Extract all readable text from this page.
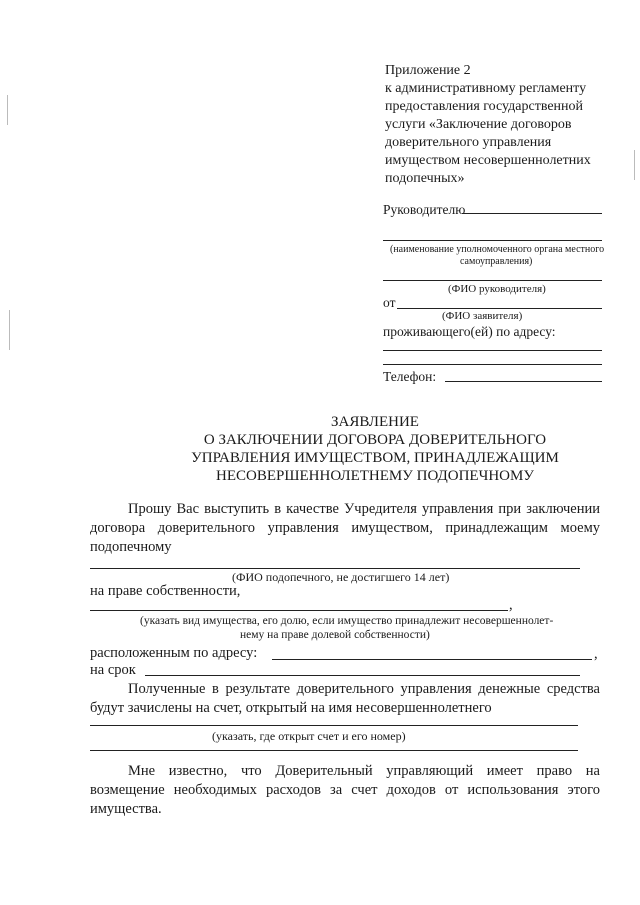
Приложение 2
к административному регламенту
предоставления государственной
услуги «Заключение договоров
доверительного управления
имуществом несовершеннолетних
подопечных»
Руководителю
(наименование уполномоченного органа местного
самоуправления)
(ФИО руководителя)
от
(ФИО заявителя)
проживающего(ей) по адресу:
Телефон:
ЗАЯВЛЕНИЕ
О ЗАКЛЮЧЕНИИ ДОГОВОРА ДОВЕРИТЕЛЬНОГО
УПРАВЛЕНИЯ ИМУЩЕСТВОМ, ПРИНАДЛЕЖАЩИМ
НЕСОВЕРШЕННОЛЕТНЕМУ ПОДОПЕЧНОМУ
Прошу Вас выступить в качестве Учредителя управления при заключении договора доверительного управления имуществом, принадлежащим моему подопечному
(ФИО подопечного, не достигшего 14 лет)
на праве собственности,
,
(указать вид имущества, его долю, если имущество принадлежит несовершеннолет-
нему на праве долевой собственности)
расположенным по адресу:	,
на срок
Полученные в результате доверительного управления денежные средства будут зачислены на счет, открытый на имя несовершеннолетнего
(указать, где открыт счет и его номер)
Мне известно, что Доверительный управляющий имеет право на возмещение необходимых расходов за счет доходов от использования этого имущества.
